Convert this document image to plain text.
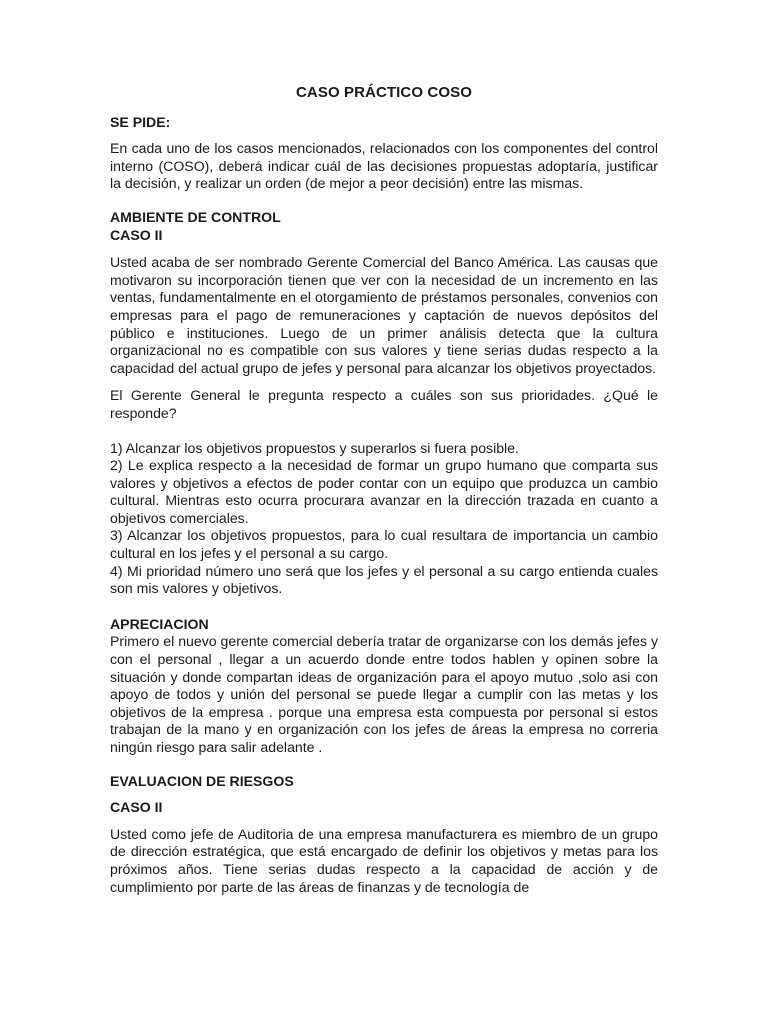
CASO PRÁCTICO COSO
SE PIDE:

En cada uno de los casos mencionados, relacionados con los componentes del control interno (COSO), deberá indicar cuál de las decisiones propuestas adoptaría, justificar la decisión, y realizar un orden (de mejor a peor decisión) entre las mismas.

AMBIENTE DE CONTROL
CASO II

Usted acaba de ser nombrado Gerente Comercial del Banco América. Las causas que motivaron su incorporación tienen que ver con la necesidad de un incremento en las ventas, fundamentalmente en el otorgamiento de préstamos personales, convenios con empresas para el pago de remuneraciones y captación de nuevos depósitos del público e instituciones. Luego de un primer análisis detecta que la cultura organizacional no es compatible con sus valores y tiene serias dudas respecto a la capacidad del actual grupo de jefes y personal para alcanzar los objetivos proyectados.

El Gerente General le pregunta respecto a cuáles son sus prioridades. ¿Qué le responde?

1) Alcanzar los objetivos propuestos y superarlos si fuera posible.

2) Le explica respecto a la necesidad de formar un grupo humano que comparta sus valores y objetivos a efectos de poder contar con un equipo que produzca un cambio cultural. Mientras esto ocurra procurara avanzar en la dirección trazada en cuanto a objetivos comerciales.

3) Alcanzar los objetivos propuestos, para lo cual resultara de importancia un cambio cultural en los jefes y el personal a su cargo.

4) Mi prioridad número uno será que los jefes y el personal a su cargo entienda cuales son mis valores y objetivos.

APRECIACION

Primero el nuevo gerente comercial debería tratar de organizarse con los demás jefes y con el personal , llegar a un acuerdo donde entre todos hablen y opinen sobre la situación y donde compartan ideas de organización para el apoyo mutuo ,solo asi con apoyo de todos y unión del personal se puede llegar a cumplir con las metas y los objetivos de la empresa . porque una empresa esta compuesta por personal si estos trabajan de la mano y en organización con los jefes de áreas la empresa no correria ningún riesgo para salir adelante .

EVALUACION DE RIESGOS
CASO II

Usted como jefe de Auditoria de una empresa manufacturera es miembro de un grupo de dirección estratégica, que está encargado de definir los objetivos y metas para los próximos años. Tiene serias dudas respecto a la capacidad de acción y de cumplimiento por parte de las áreas de finanzas y de tecnología de
